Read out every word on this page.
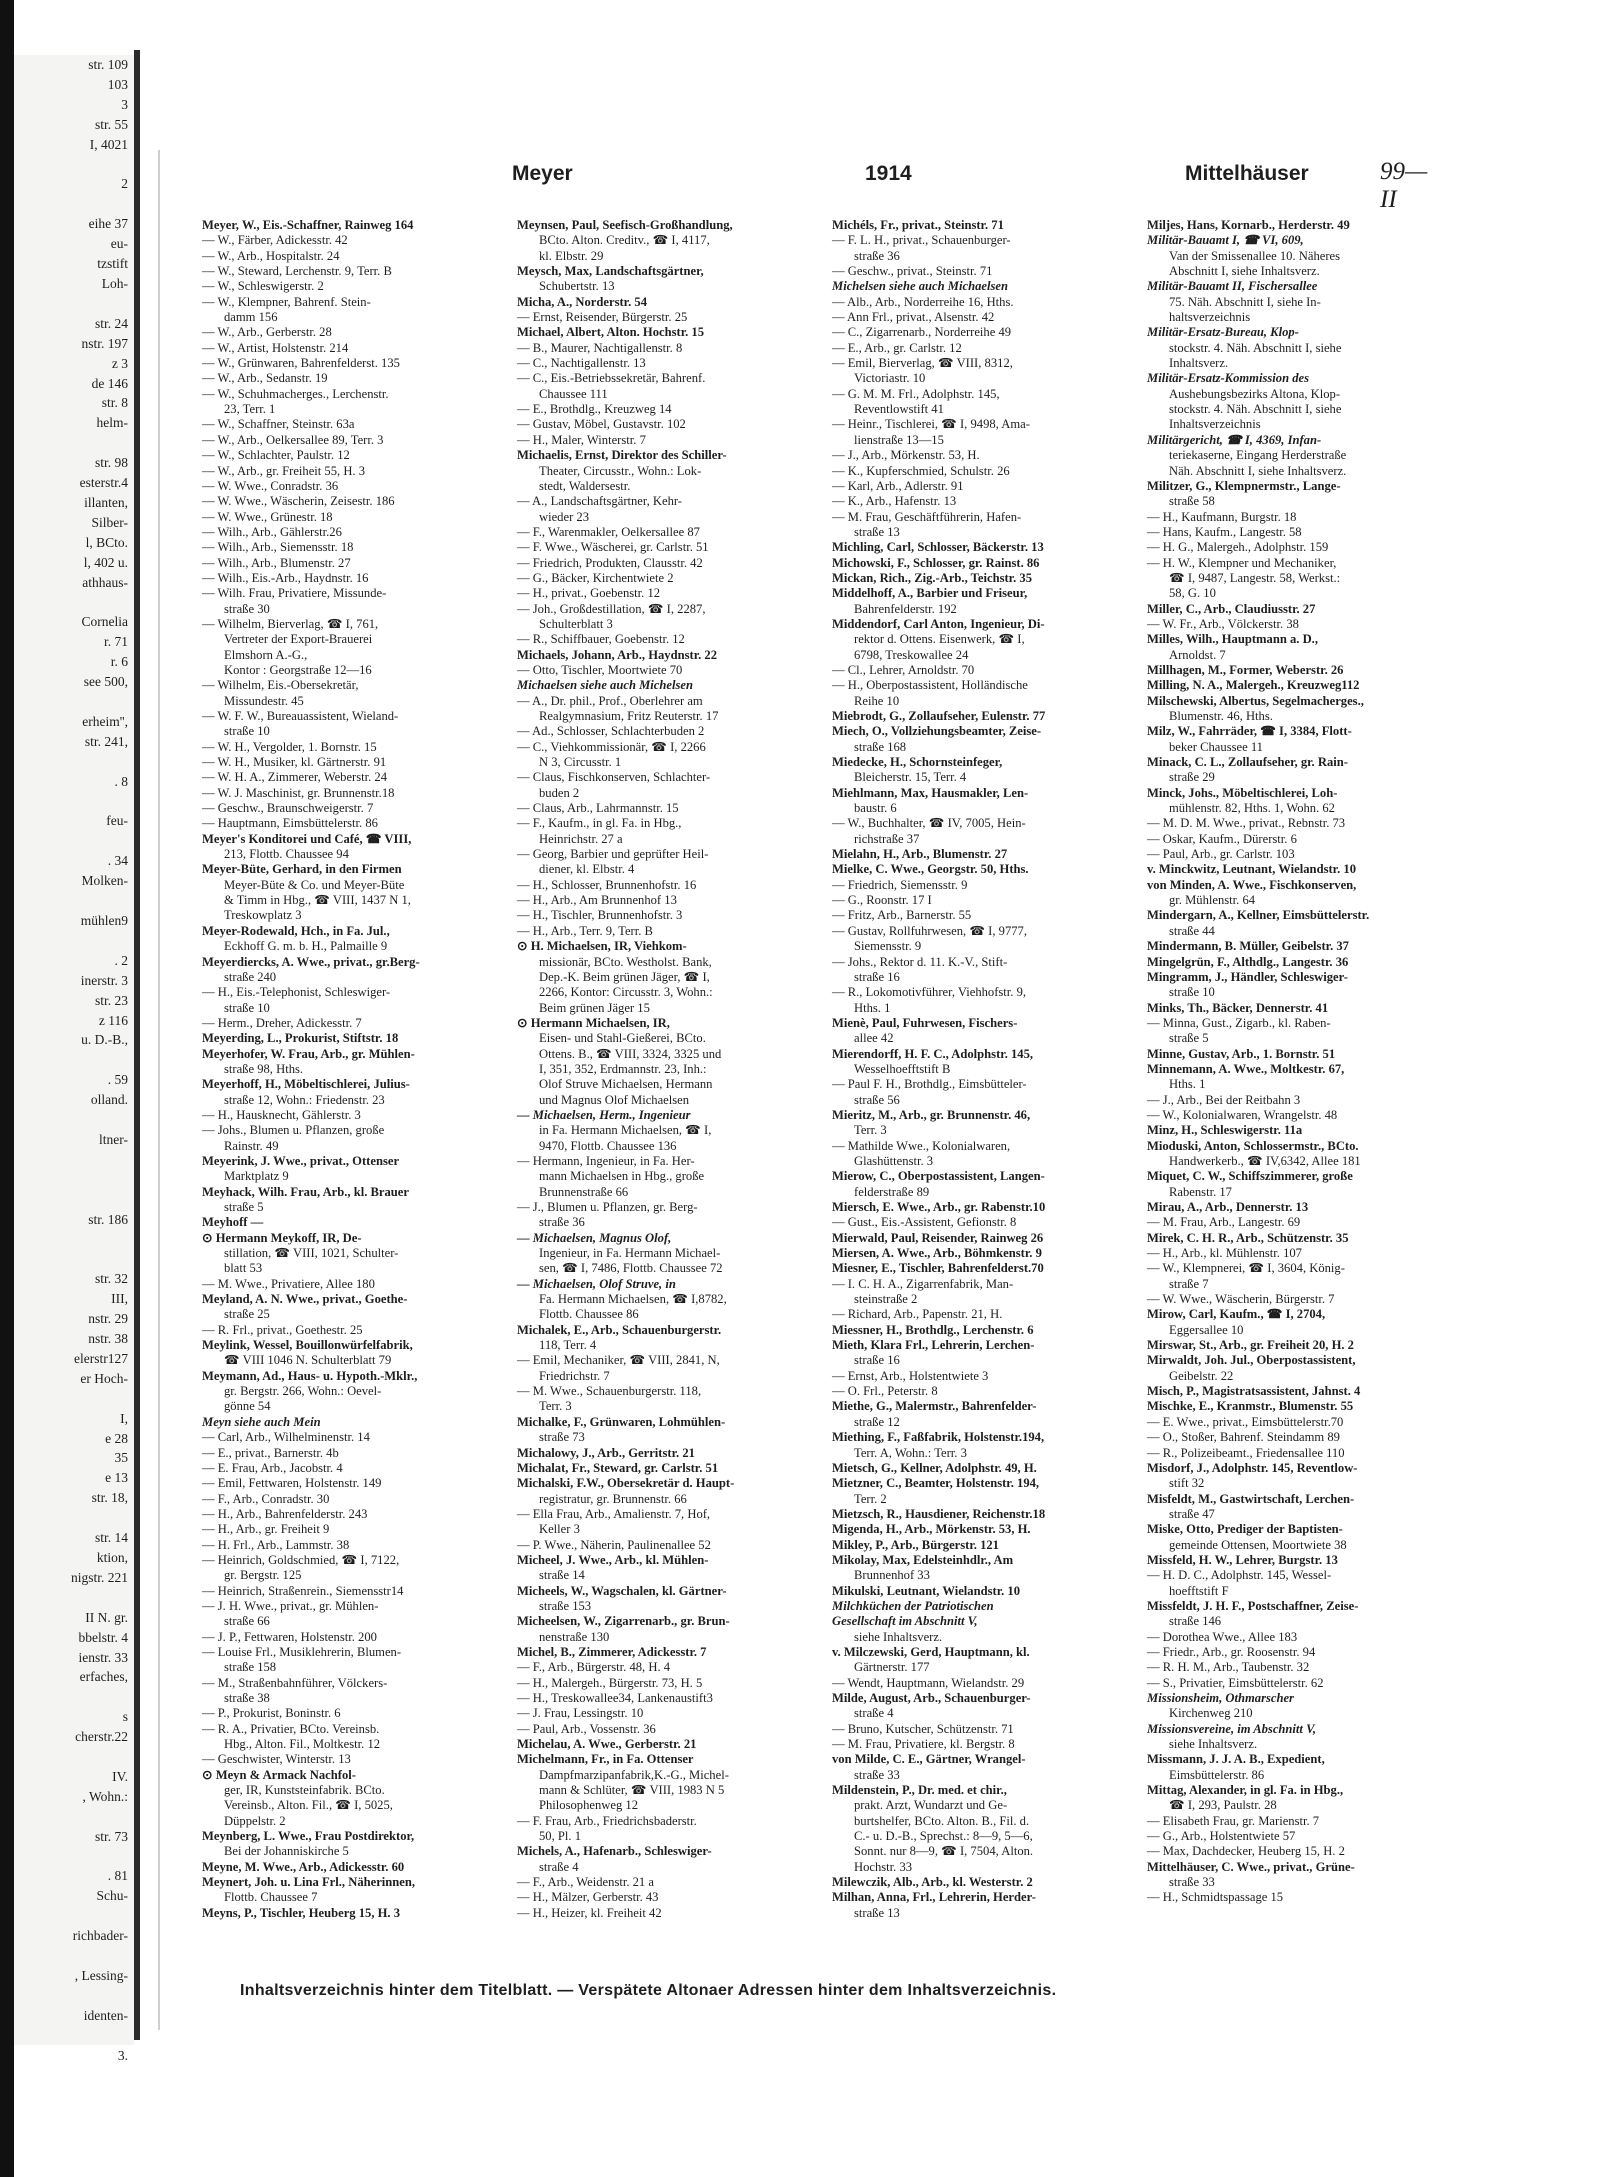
str. 109
103
3
str. 55
I, 4021

2

eihe 37
eu-
tzstift
Loh-

str. 24
nstr. 197
z 3
de 146
str. 8
helm-

str. 98
esterstr.4
illanten,
Silber-
l, BCto.
l, 402 u.
athhaus-

Cornelia
r. 71
r. 6
see 500,

erheim'',
str. 241,

. 8

feu-

. 34
Molken-

mühlen9

. 2
inerstr. 3
str. 23
z 116
u. D.-B.,

. 59
olland.

ltner-

str. 186

str. 32
III,
nstr. 29
nstr. 38
elerstr127
er Hoch-

I,
e 28
35
e 13
str. 18,

str. 14
ktion,
nigstr. 221

II N. gr.
bbelstr. 4
ienstr. 33
erfaches,

s
cherstr.22

IV.
, Wohn.:

str. 73

. 81
Schu-

richbader-

, Lessing-

identen-

3.
Meyer	1914	Mittelhäuser	99—II
Meyer, W., Eis.-Schaffner, Rainweg 164
— W., Färber, Adickesstr. 42
— W., Arb., Hospitalstr. 24
— W., Steward, Lerchenstr. 9, Terr. B
— W., Schleswigerstr. 2
— W., Klempner, Bahrenf. Stein-
damm 156
— W., Arb., Gerberstr. 28
— W., Artist, Holstenstr. 214
— W., Grünwaren, Bahrenfelderst. 135
— W., Arb., Sedanstr. 19
— W., Schuhmacherges., Lerchenstr.
23, Terr. 1
— W., Schaffner, Steinstr. 63a
— W., Arb., Oelkersallee 89, Terr. 3
— W., Schlachter, Paulstr. 12
— W., Arb., gr. Freiheit 55, H. 3
— W. Wwe., Conradstr. 36
— W. Wwe., Wäscherin, Zeisestr. 186
— W. Wwe., Grünestr. 18
— Wilh., Arb., Gählerstr.26
— Wilh., Arb., Siemensstr. 18
— Wilh., Arb., Blumenstr. 27
— Wilh., Eis.-Arb., Haydnstr. 16
— Wilh. Frau, Privatiere, Missunde-
straße 30
— Wilhelm, Bierverlag, ☎ I, 761,
Vertreter der Export-Brauerei
Elmshorn A.-G.,
Kontor : Georgstraße 12—16
— Wilhelm, Eis.-Obersekretär,
Missundestr. 45
— W. F. W., Bureauassistent, Wieland-
straße 10
— W. H., Vergolder, 1. Bornstr. 15
— W. H., Musiker, kl. Gärtnerstr. 91
— W. H. A., Zimmerer, Weberstr. 24
— W. J. Maschinist, gr. Brunnenstr.18
— Geschw., Braunschweigerstr. 7
— Hauptmann, Eimsbüttelerstr. 86
Meyer's Konditorei und Café, ☎ VIII,
213, Flottb. Chaussee 94
Meyer-Büte, Gerhard, in den Firmen
Meyer-Büte & Co. und Meyer-Büte
& Timm in Hbg., ☎ VIII, 1437 N 1,
Treskowplatz 3
Meyer-Rodewald, Hch., in Fa. Jul.,
Eckhoff G. m. b. H., Palmaille 9
Meyerdiercks, A. Wwe., privat., gr.Berg-
straße 240
— H., Eis.-Telephonist, Schleswiger-
straße 10
— Herm., Dreher, Adickesstr. 7
Meyerding, L., Prokurist, Stiftstr. 18
Meyerhofer, W. Frau, Arb., gr. Mühlen-
straße 98, Hths.
Meyerhoff, H., Möbeltischlerei, Julius-
straße 12, Wohn.: Friedenstr. 23
— H., Hausknecht, Gählerstr. 3
— Johs., Blumen u. Pflanzen, große
Rainstr. 49
Meyerink, J. Wwe., privat., Ottenser
Marktplatz 9
Meyhack, Wilh. Frau, Arb., kl. Brauer
straße 5
Meyhoff —
⊙ Hermann Meykoff, IR, De-
stillation, ☎ VIII, 1021, Schulter-
blatt 53
— M. Wwe., Privatiere, Allee 180
Meyland, A. N. Wwe., privat., Goethe-
straße 25
— R. Frl., privat., Goethestr. 25
Meylink, Wessel, Bouillonwürfelfabrik,
☎ VIII 1046 N. Schulterblatt 79
Meymann, Ad., Haus- u. Hypoth.-Mklr.,
gr. Bergstr. 266, Wohn.: Oevel-
gönne 54
Meyn siehe auch Mein
— Carl, Arb., Wilhelminenstr. 14
— E., privat., Barnerstr. 4b
— E. Frau, Arb., Jacobstr. 4
— Emil, Fettwaren, Holstenstr. 149
— F., Arb., Conradstr. 30
— H., Arb., Bahrenfelderstr. 243
— H., Arb., gr. Freiheit 9
— H. Frl., Arb., Lammstr. 38
— Heinrich, Goldschmied, ☎ I, 7122,
gr. Bergstr. 125
— Heinrich, Straßenrein., Siemensstr14
— J. H. Wwe., privat., gr. Mühlen-
straße 66
— J. P., Fettwaren, Holstenstr. 200
— Louise Frl., Musiklehrerin, Blumen-
straße 158
— M., Straßenbahnführer, Völckers-
straße 38
— P., Prokurist, Boninstr. 6
— R. A., Privatier, BCto. Vereinsb.
Hbg., Alton. Fil., Moltkestr. 12
— Geschwister, Winterstr. 13
⊙ Meyn & Armack Nachfol-
ger, IR, Kunststeinfabrik. BCto.
Vereinsb., Alton. Fil., ☎ I, 5025,
Düppelstr. 2
Meynberg, L. Wwe., Frau Postdirektor,
Bei der Johanniskirche 5
Meyne, M. Wwe., Arb., Adickesstr. 60
Meynert, Joh. u. Lina Frl., Näherinnen,
Flottb. Chaussee 7
Meyns, P., Tischler, Heuberg 15, H. 3
Meynsen, Paul, Seefisch-Großhandlung,
BCto. Alton. Creditv., ☎ I, 4117,
kl. Elbstr. 29
Meysch, Max, Landschaftsgärtner,
Schubertstr. 13
Micha, A., Norderstr. 54
— Ernst, Reisender, Bürgerstr. 25
Michael, Albert, Alton. Hochstr. 15
— B., Maurer, Nachtigallenstr. 8
— C., Nachtigallenstr. 13
— C., Eis.-Betriebssekretär, Bahrenf.
Chaussee 111
— E., Brothdlg., Kreuzweg 14
— Gustav, Möbel, Gustavstr. 102
— H., Maler, Winterstr. 7
Michaelis, Ernst, Direktor des Schiller-
Theater, Circusstr., Wohn.: Lok-
stedt, Waldersestr.
— A., Landschaftsgärtner, Kehr-
wieder 23
— F., Warenmakler, Oelkersallee 87
— F. Wwe., Wäscherei, gr. Carlstr. 51
— Friedrich, Produkten, Clausstr. 42
— G., Bäcker, Kirchentwiete 2
— H., privat., Goebenstr. 12
— Joh., Großdestillation, ☎ I, 2287,
Schulterblatt 3
— R., Schiffbauer, Goebenstr. 12
Michaels, Johann, Arb., Haydnstr. 22
— Otto, Tischler, Moortwiete 70
Michaelsen siehe auch Michelsen
— A., Dr. phil., Prof., Oberlehrer am
Realgymnasium, Fritz Reuterstr. 17
— Ad., Schlosser, Schlachterbuden 2
— C., Viehkommissionär, ☎ I, 2266
N 3, Circusstr. 1
— Claus, Fischkonserven, Schlachter-
buden 2
— Claus, Arb., Lahrmannstr. 15
— F., Kaufm., in gl. Fa. in Hbg.,
Heinrichstr. 27 a
— Georg, Barbier und geprüfter Heil-
diener, kl. Elbstr. 4
— H., Schlosser, Brunnenhofstr. 16
— H., Arb., Am Brunnenhof 13
— H., Tischler, Brunnenhofstr. 3
— H., Arb., Terr. 9, Terr. B
⊙ H. Michaelsen, IR, Viehkom-
missionär, BCto. Westholst. Bank,
Dep.-K. Beim grünen Jäger, ☎ I,
2266, Kontor: Circusstr. 3, Wohn.:
Beim grünen Jäger 15
⊙ Hermann Michaelsen, IR,
Eisen- und Stahl-Gießerei, BCto.
Ottens. B., ☎ VIII, 3324, 3325 und
I, 351, 352, Erdmannstr. 23, Inh.:
Olof Struve Michaelsen, Hermann
und Magnus Olof Michaelsen
— Michaelsen, Herm., Ingenieur
in Fa. Hermann Michaelsen, ☎ I,
9470, Flottb. Chaussee 136
— Hermann, Ingenieur, in Fa. Her-
mann Michaelsen in Hbg., große
Brunnenstraße 66
— J., Blumen u. Pflanzen, gr. Berg-
straße 36
— Michaelsen, Magnus Olof,
Ingenieur, in Fa. Hermann Michael-
sen, ☎ I, 7486, Flottb. Chaussee 72
— Michaelsen, Olof Struve, in
Fa. Hermann Michaelsen, ☎ I,8782,
Flottb. Chaussee 86
Michalek, E., Arb., Schauenburgerstr.
118, Terr. 4
— Emil, Mechaniker, ☎ VIII, 2841, N,
Friedrichstr. 7
— M. Wwe., Schauenburgerstr. 118,
Terr. 3
Michalke, F., Grünwaren, Lohmühlen-
straße 73
Michalowy, J., Arb., Gerritstr. 21
Michalat, Fr., Steward, gr. Carlstr. 51
Michalski, F.W., Obersekretär d. Haupt-
registratur, gr. Brunnenstr. 66
— Ella Frau, Arb., Amalienstr. 7, Hof,
Keller 3
— P. Wwe., Näherin, Paulinenallee 52
Micheel, J. Wwe., Arb., kl. Mühlen-
straße 14
Micheels, W., Wagschalen, kl. Gärtner-
straße 153
Micheelsen, W., Zigarrenarb., gr. Brun-
nenstraße 130
Michel, B., Zimmerer, Adickesstr. 7
— F., Arb., Bürgerstr. 48, H. 4
— H., Malergeh., Bürgerstr. 73, H. 5
— H., Treskowallee34, Lankenaustift3
— J. Frau, Lessingstr. 10
— Paul, Arb., Vossenstr. 36
Michelau, A. Wwe., Gerberstr. 21
Michelmann, Fr., in Fa. Ottenser
Dampfmarzipanfabrik,K.-G., Michel-
mann & Schlüter, ☎ VIII, 1983 N 5
Philosophenweg 12
— F. Frau, Arb., Friedrichsbaderstr.
50, Pl. 1
Michels, A., Hafenarb., Schleswiger-
straße 4
— F., Arb., Weidenstr. 21 a
— H., Mälzer, Gerberstr. 43
— H., Heizer, kl. Freiheit 42
Michéls, Fr., privat., Steinstr. 71
— F. L. H., privat., Schauenburger-
straße 36
— Geschw., privat., Steinstr. 71
Michelsen siehe auch Michaelsen
— Alb., Arb., Norderreihe 16, Hths.
— Ann Frl., privat., Alsenstr. 42
— C., Zigarrenarb., Norderreihe 49
— E., Arb., gr. Carlstr. 12
— Emil, Bierverlag, ☎ VIII, 8312,
Victoriastr. 10
— G. M. M. Frl., Adolphstr. 145,
Reventlowstift 41
— Heinr., Tischlerei, ☎ I, 9498, Ama-
lienstraße 13—15
— J., Arb., Mörkenstr. 53, H.
— K., Kupferschmied, Schulstr. 26
— Karl, Arb., Adlerstr. 91
— K., Arb., Hafenstr. 13
— M. Frau, Geschäftführerin, Hafen-
straße 13
Michling, Carl, Schlosser, Bäckerstr. 13
Michowski, F., Schlosser, gr. Rainst. 86
Mickan, Rich., Zig.-Arb., Teichstr. 35
Middelhoff, A., Barbier und Friseur,
Bahrenfelderstr. 192
Middendorf, Carl Anton, Ingenieur, Di-
rektor d. Ottens. Eisenwerk, ☎ I,
6798, Treskowallee 24
— Cl., Lehrer, Arnoldstr. 70
— H., Oberpostassistent, Holländische
Reihe 10
Miebrodt, G., Zollaufseher, Eulenstr. 77
Miech, O., Vollziehungsbeamter, Zeise-
straße 168
Miedecke, H., Schornsteinfeger,
Bleicherstr. 15, Terr. 4
Miehlmann, Max, Hausmakler, Len-
baustr. 6
— W., Buchhalter, ☎ IV, 7005, Hein-
richstraße 37
Mielahn, H., Arb., Blumenstr. 27
Mielke, C. Wwe., Georgstr. 50, Hths.
— Friedrich, Siemensstr. 9
— G., Roonstr. 17 I
— Fritz, Arb., Barnerstr. 55
— Gustav, Rollfuhrwesen, ☎ I, 9777,
Siemensstr. 9
— Johs., Rektor d. 11. K.-V., Stift-
straße 16
— R., Lokomotivführer, Viehhofstr. 9,
Hths. 1
Mienè, Paul, Fuhrwesen, Fischers-
allee 42
Mierendorff, H. F. C., Adolphstr. 145,
Wesselhoefftstift B
— Paul F. H., Brothdlg., Eimsbütteler-
straße 56
Mieritz, M., Arb., gr. Brunnenstr. 46,
Terr. 3
— Mathilde Wwe., Kolonialwaren,
Glashüttenstr. 3
Mierow, C., Oberpostassistent, Langen-
felderstraße 89
Miersch, E. Wwe., Arb., gr. Rabenstr.10
— Gust., Eis.-Assistent, Gefionstr. 8
Mierwald, Paul, Reisender, Rainweg 26
Miersen, A. Wwe., Arb., Böhmkenstr. 9
Miesner, E., Tischler, Bahrenfelderst.70
— I. C. H. A., Zigarrenfabrik, Man-
steinstraße 2
— Richard, Arb., Papenstr. 21, H.
Miessner, H., Brothdlg., Lerchenstr. 6
Mieth, Klara Frl., Lehrerin, Lerchen-
straße 16
— Ernst, Arb., Holstentwiete 3
— O. Frl., Peterstr. 8
Miethe, G., Malermstr., Bahrenfelder-
straße 12
Miething, F., Faßfabrik, Holstenstr.194,
Terr. A, Wohn.: Terr. 3
Mietsch, G., Kellner, Adolphstr. 49, H.
Mietzner, C., Beamter, Holstenstr. 194,
Terr. 2
Mietzsch, R., Hausdiener, Reichenstr.18
Migenda, H., Arb., Mörkenstr. 53, H.
Mikley, P., Arb., Bürgerstr. 121
Mikolay, Max, Edelsteinhdlr., Am
Brunnenhof 33
Mikulski, Leutnant, Wielandstr. 10
Milchküchen der Patriotischen
Gesellschaft im Abschnitt V,
siehe Inhaltsverz.
v. Milczewski, Gerd, Hauptmann, kl.
Gärtnerstr. 177
— Wendt, Hauptmann, Wielandstr. 29
Milde, August, Arb., Schauenburger-
straße 4
— Bruno, Kutscher, Schützenstr. 71
— M. Frau, Privatiere, kl. Bergstr. 8
von Milde, C. E., Gärtner, Wrangel-
straße 33
Mildenstein, P., Dr. med. et chir.,
prakt. Arzt, Wundarzt und Ge-
burtshelfer, BCto. Alton. B., Fil. d.
C.- u. D.-B., Sprechst.: 8—9, 5—6,
Sonnt. nur 8—9, ☎ I, 7504, Alton.
Hochstr. 33
Milewczik, Alb., Arb., kl. Westerstr. 2
Milhan, Anna, Frl., Lehrerin, Herder-
straße 13
Miljes, Hans, Kornarb., Herderstr. 49
Militär-Bauamt I, ☎ VI, 609,
Van der Smissenallee 10. Näheres
Abschnitt I, siehe Inhaltsverz.
Militär-Bauamt II, Fischersallee
75. Näh. Abschnitt I, siehe In-
haltsverzeichnis
Militär-Ersatz-Bureau, Klop-
stockstr. 4. Näh. Abschnitt I, siehe
Inhaltsverz.
Militär-Ersatz-Kommission des
Aushebungsbezirks Altona, Klop-
stockstr. 4. Näh. Abschnitt I, siehe
Inhaltsverzeichnis
Militärgericht, ☎ I, 4369, Infan-
teriekaserne, Eingang Herderstraße
Näh. Abschnitt I, siehe Inhaltsverz.
Militzer, G., Klempnermstr., Lange-
straße 58
— H., Kaufmann, Burgstr. 18
— Hans, Kaufm., Langestr. 58
— H. G., Malergeh., Adolphstr. 159
— H. W., Klempner und Mechaniker,
☎ I, 9487, Langestr. 58, Werkst.:
58, G. 10
Miller, C., Arb., Claudiusstr. 27
— W. Fr., Arb., Völckerstr. 38
Milles, Wilh., Hauptmann a. D.,
Arnoldst. 7
Millhagen, M., Former, Weberstr. 26
Milling, N. A., Malergeh., Kreuzweg112
Milschewski, Albertus, Segelmacherges.,
Blumenstr. 46, Hths.
Milz, W., Fahrräder, ☎ I, 3384, Flott-
beker Chaussee 11
Minack, C. L., Zollaufseher, gr. Rain-
straße 29
Minck, Johs., Möbeltischlerei, Loh-
mühlenstr. 82, Hths. 1, Wohn. 62
— M. D. M. Wwe., privat., Rebnstr. 73
— Oskar, Kaufm., Dürerstr. 6
— Paul, Arb., gr. Carlstr. 103
v. Minckwitz, Leutnant, Wielandstr. 10
von Minden, A. Wwe., Fischkonserven,
gr. Mühlenstr. 64
Mindergarn, A., Kellner, Eimsbüttelerstr.
straße 44
Mindermann, B. Müller, Geibelstr. 37
Mingelgrün, F., Althdlg., Langestr. 36
Mingramm, J., Händler, Schleswiger-
straße 10
Minks, Th., Bäcker, Dennerstr. 41
— Minna, Gust., Zigarb., kl. Raben-
straße 5
Minne, Gustav, Arb., 1. Bornstr. 51
Minnemann, A. Wwe., Moltkestr. 67,
Hths. 1
— J., Arb., Bei der Reitbahn 3
— W., Kolonialwaren, Wrangelstr. 48
Minz, H., Schleswigerstr. 11a
Mioduski, Anton, Schlossermstr., BCto.
Handwerkerb., ☎ IV,6342, Allee 181
Miquet, C. W., Schiffszimmerer, große
Rabenstr. 17
Mirau, A., Arb., Dennerstr. 13
— M. Frau, Arb., Langestr. 69
Mirek, C. H. R., Arb., Schützenstr. 35
— H., Arb., kl. Mühlenstr. 107
— W., Klempnerei, ☎ I, 3604, König-
straße 7
— W. Wwe., Wäscherin, Bürgerstr. 7
Mirow, Carl, Kaufm., ☎ I, 2704,
Eggersallee 10
Mirswar, St., Arb., gr. Freiheit 20, H. 2
Mirwaldt, Joh. Jul., Oberpostassistent,
Geibelstr. 22
Misch, P., Magistratsassistent, Jahnst. 4
Mischke, E., Kranmstr., Blumenstr. 55
— E. Wwe., privat., Eimsbüttelerstr.70
— O., Stoßer, Bahrenf. Steindamm 89
— R., Polizeibeamt., Friedensallee 110
Misdorf, J., Adolphstr. 145, Reventlow-
stift 32
Misfeldt, M., Gastwirtschaft, Lerchen-
straße 47
Miske, Otto, Prediger der Baptisten-
gemeinde Ottensen, Moortwiete 38
Missfeld, H. W., Lehrer, Burgstr. 13
— H. D. C., Adolphstr. 145, Wessel-
hoefftstift F
Missfeldt, J. H. F., Postschaffner, Zeise-
straße 146
— Dorothea Wwe., Allee 183
— Friedr., Arb., gr. Roosenstr. 94
— R. H. M., Arb., Taubenstr. 32
— S., Privatier, Eimsbüttelerstr. 62
Missionsheim, Othmarscher
Kirchenweg 210
Missionsvereine, im Abschnitt V,
siehe Inhaltsverz.
Missmann, J. J. A. B., Expedient,
Eimsbüttelerstr. 86
Mittag, Alexander, in gl. Fa. in Hbg.,
☎ I, 293, Paulstr. 28
— Elisabeth Frau, gr. Marienstr. 7
— G., Arb., Holstentwiete 57
— Max, Dachdecker, Heuberg 15, H. 2
Mittelhäuser, C. Wwe., privat., Grüne-
straße 33
— H., Schmidtspassage 15
Inhaltsverzeichnis hinter dem Titelblatt. — Verspätete Altonaer Adressen hinter dem Inhaltsverzeichnis.
